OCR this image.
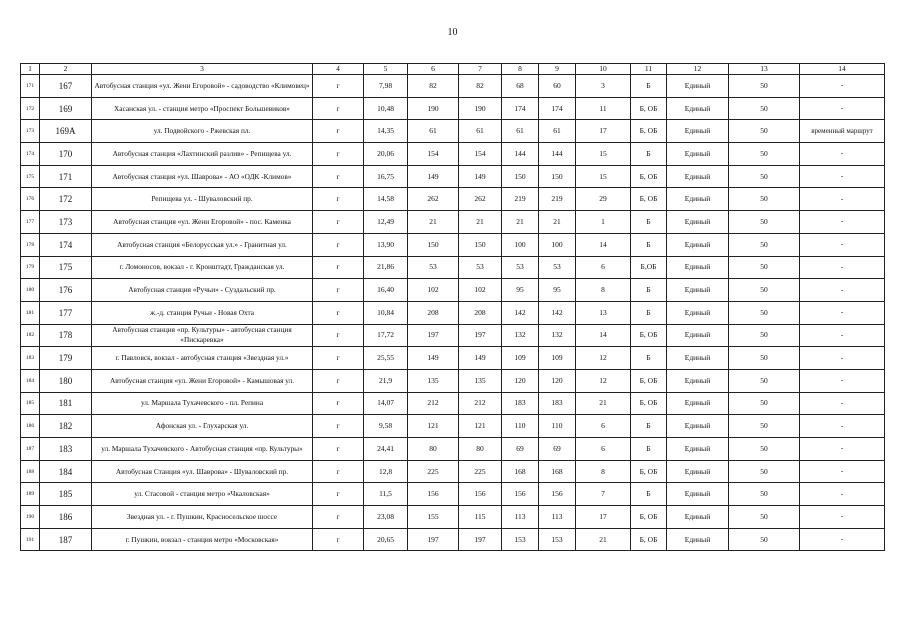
10
1	2	3	4	5	6	7	8	9	10	11	12	13	14
171	167	Автобусная станция «ул. Жени Егоровой» - садоводство «Климовец»	г	7,98	82	82	68	60	3	Б	Единый	50	-
172	169	Хасанская ул. - станция метро «Проспект Большевиков»	г	10,48	190	190	174	174	11	Б, ОБ	Единый	50	-
173	169А	ул. Подвойского - Ржевская пл.	г	14,35	61	61	61	61	17	Б, ОБ	Единый	50	временный маршрут
174	170	Автобусная станция «Лахтинский разлив» - Репищева ул.	г	20,06	154	154	144	144	15	Б	Единый	50	-
175	171	Автобусная станция «ул. Шаврова» - АО «ОДК -Климов»	г	16,75	149	149	150	150	15	Б, ОБ	Единый	50	-
176	172	Репищева ул. - Шуваловский пр.	г	14,58	262	262	219	219	29	Б, ОБ	Единый	50	-
177	173	Автобусная станция «ул. Жени Егоровой» - пос. Каменка	г	12,49	21	21	21	21	1	Б	Единый	50	-
178	174	Автобусная станция «Белорусская ул.» - Гранитная ул.	г	13,90	150	150	100	100	14	Б	Единый	50	-
179	175	г. Ломоносов, вокзал - г. Кронштадт, Гражданская ул.	г	21,86	53	53	53	53	6	Б,ОБ	Единый	50	-
180	176	Автобусная станция «Ручьи» - Суздальский пр.	г	16,40	102	102	95	95	8	Б	Единый	50	-
181	177	ж.-д. станция Ручьи - Новая Охта	г	10,84	208	208	142	142	13	Б	Единый	50	-
182	178	Автобусная станция «пр. Культуры» - автобусная станция «Пискаревка»	г	17,72	197	197	132	132	14	Б, ОБ	Единый	50	-
183	179	г. Павловск, вокзал - автобусная станция «Звездная ул.»	г	25,55	149	149	109	109	12	Б	Единый	50	-
184	180	Автобусная станция «ул. Жени Егоровой» - Камышовая ул.	г	21,9	135	135	120	120	12	Б, ОБ	Единый	50	-
185	181	ул. Маршала Тухачевского - пл. Репина	г	14,07	212	212	183	183	21	Б, ОБ	Единый	50	-
186	182	Афонская ул. - Глухарская ул.	г	9,58	121	121	110	110	6	Б	Единый	50	-
187	183	ул. Маршала Тухачевского - Автобусная станция «пр. Культуры»	г	24,41	80	80	69	69	6	Б	Единый	50	-
188	184	Автобусная Станция «ул. Шаврова» - Шуваловский пр.	г	12,8	225	225	168	168	8	Б, ОБ	Единый	50	-
189	185	ул. Стасовой - станция метро «Чкаловская»	г	11,5	156	156	156	156	7	Б	Единый	50	-
190	186	Звездная ул. - г. Пушкин, Красносельское шоссе	г	23,08	155	115	113	113	17	Б, ОБ	Единый	50	-
191	187	г. Пушкин, вокзал - станция метро «Московская»	г	20,65	197	197	153	153	21	Б, ОБ	Единый	50	-
